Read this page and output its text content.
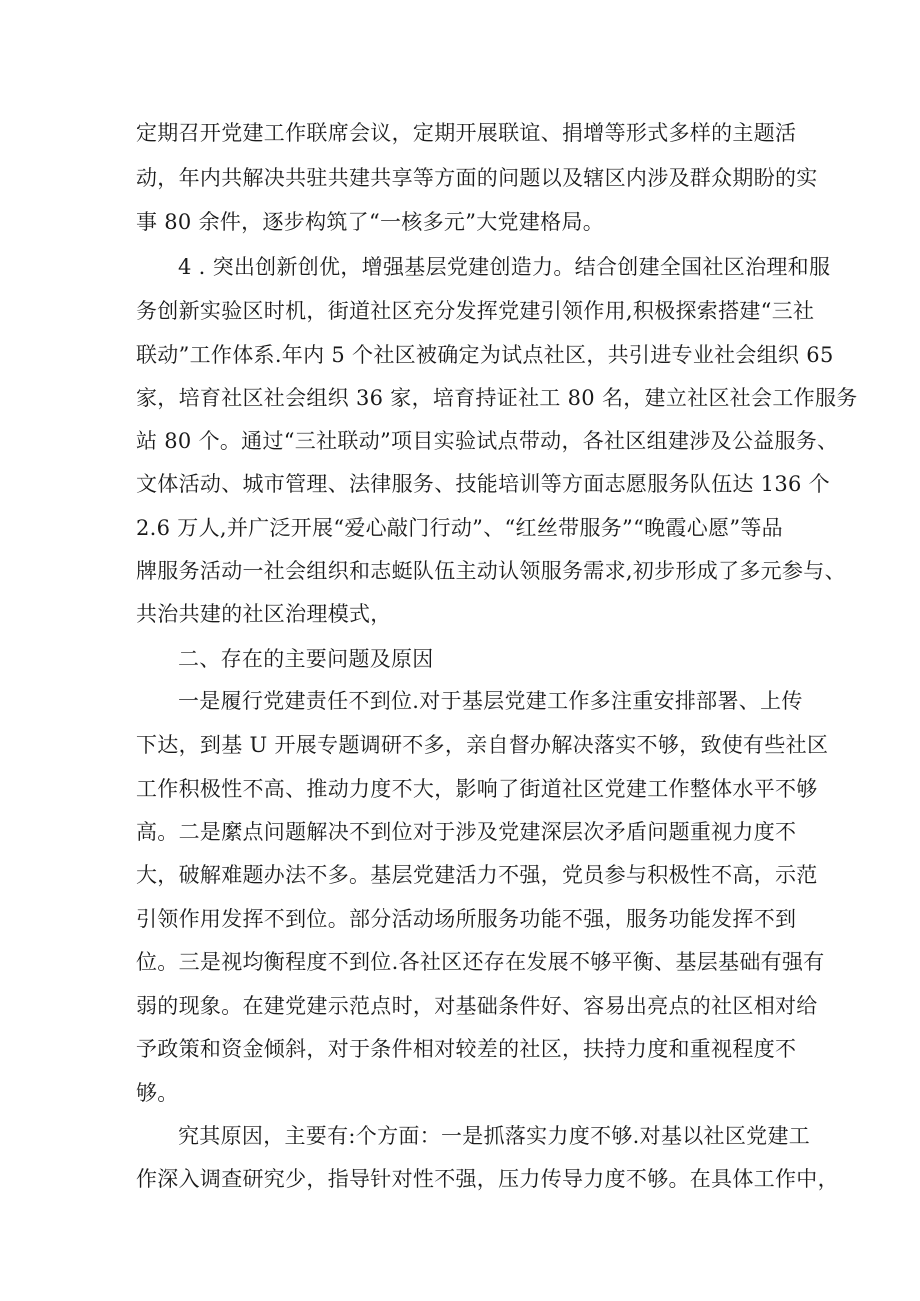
定期召开党建工作联席会议，定期开展联谊、捐增等形式多样的主题活
动，年内共解决共驻共建共享等方面的问题以及辖区内涉及群众期盼的实
事 80 余件，逐步构筑了“一核多元”大党建格局。
4 . 突出创新创优，增强基层党建创造力。结合创建全国社区治理和服
务创新实验区时机，街道社区充分发挥党建引领作用,积极探索搭建“三社
联动”工作体系.年内 5 个社区被确定为试点社区，共引进专业社会组织 65
家，培育社区社会组织 36 家，培育持证社工 80 名，建立社区社会工作服务
站 80 个。通过“三社联动”项目实验试点带动，各社区组建涉及公益服务、
文体活动、城市管理、法律服务、技能培训等方面志愿服务队伍达 136 个
2.6 万人,并广泛开展“爱心敲门行动”、“红丝带服务”“晚霞心愿”等品
牌服务活动一社会组织和志蜓队伍主动认领服务需求,初步形成了多元参与、
共治共建的社区治理模式，
二、存在的主要问题及原因
一是履行党建责任不到位.对于基层党建工作多注重安排部署、上传
下达，到基 U 开展专题调研不多，亲自督办解决落实不够，致使有些社区
工作积极性不高、推动力度不大，影响了街道社区党建工作整体水平不够
高。二是縻点问题解决不到位对于涉及党建深层次矛盾问题重视力度不
大，破解难题办法不多。基层党建活力不强，党员参与积极性不高，示范
引领作用发挥不到位。部分活动场所服务功能不强，服务功能发挥不到
位。三是视均衡程度不到位.各社区还存在发展不够平衡、基层基础有强有
弱的现象。在建党建示范点时，对基础条件好、容易出亮点的社区相对给
予政策和资金倾斜，对于条件相对较差的社区，扶持力度和重视程度不
够。
究其原因，主要有:个方面：一是抓落实力度不够.对基以社区党建工
作深入调查研究少，指导针对性不强，压力传导力度不够。在具体工作中，
